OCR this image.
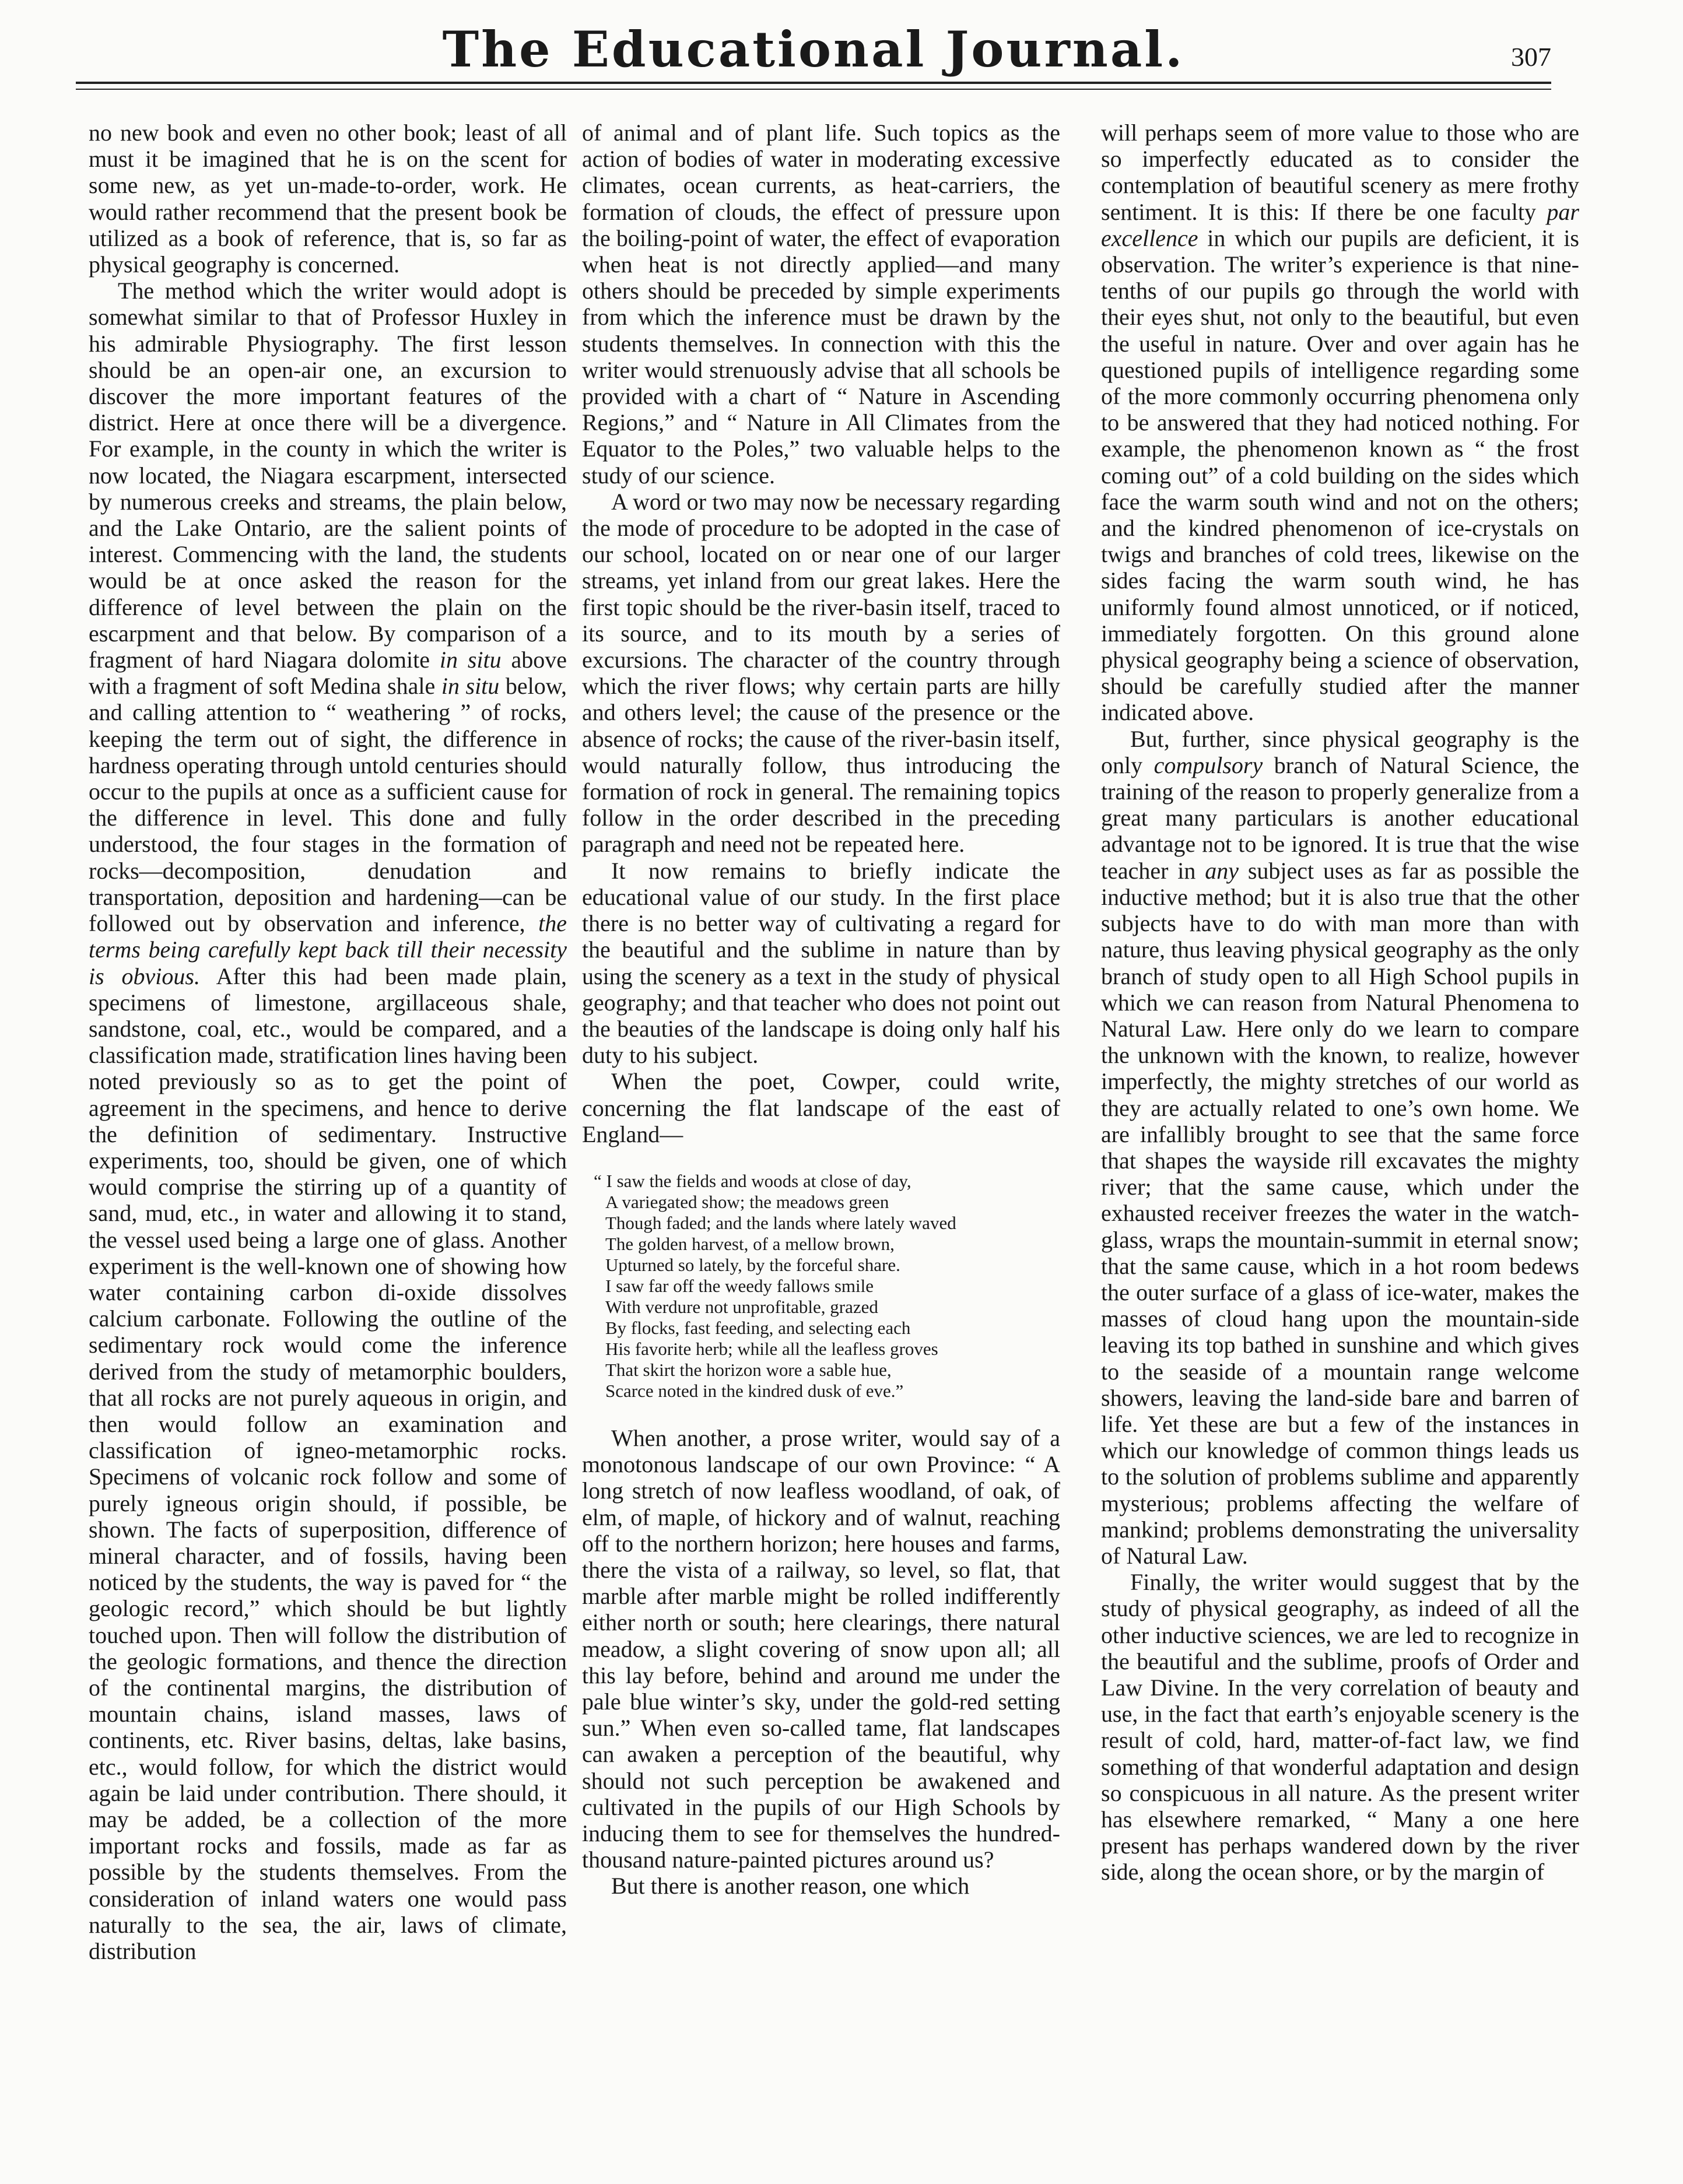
The Educational Journal.	307

no new book and even no other book; least of all must it be imagined that he is on the scent for some new, as yet un-made-to-order, work. He would rather recommend that the present book be utilized as a book of reference, that is, so far as physical geography is concerned.

The method which the writer would adopt is somewhat similar to that of Professor Huxley in his admirable Physiography. The first lesson should be an open-air one, an excursion to discover the more important features of the district. Here at once there will be a divergence. For example, in the county in which the writer is now located, the Niagara escarpment, intersected by numerous creeks and streams, the plain below, and the Lake Ontario, are the salient points of interest. Commencing with the land, the students would be at once asked the reason for the difference of level between the plain on the escarpment and that below. By comparison of a fragment of hard Niagara dolomite in situ above with a fragment of soft Medina shale in situ below, and calling attention to “ weathering ” of rocks, keeping the term out of sight, the difference in hardness operating through untold centuries should occur to the pupils at once as a sufficient cause for the difference in level. This done and fully understood, the four stages in the formation of rocks—decomposition, denudation and transportation, deposition and hardening—can be followed out by observation and inference, the terms being carefully kept back till their necessity is obvious. After this had been made plain, specimens of limestone, argillaceous shale, sandstone, coal, etc., would be compared, and a classification made, stratification lines having been noted previously so as to get the point of agreement in the specimens, and hence to derive the definition of sedimentary. Instructive experiments, too, should be given, one of which would comprise the stirring up of a quantity of sand, mud, etc., in water and allowing it to stand, the vessel used being a large one of glass. Another experiment is the well-known one of showing how water containing carbon di-oxide dissolves calcium carbonate. Following the outline of the sedimentary rock would come the inference derived from the study of metamorphic boulders, that all rocks are not purely aqueous in origin, and then would follow an examination and classification of igneo-metamorphic rocks. Specimens of volcanic rock follow and some of purely igneous origin should, if possible, be shown. The facts of superposition, difference of mineral character, and of fossils, having been noticed by the students, the way is paved for “ the geologic record,” which should be but lightly touched upon. Then will follow the distribution of the geologic formations, and thence the direction of the continental margins, the distribution of mountain chains, island masses, laws of continents, etc. River basins, deltas, lake basins, etc., would follow, for which the district would again be laid under contribution. There should, it may be added, be a collection of the more important rocks and fossils, made as far as possible by the students themselves. From the consideration of inland waters one would pass naturally to the sea, the air, laws of climate, distribution

of animal and of plant life. Such topics as the action of bodies of water in moderating excessive climates, ocean currents, as heat-carriers, the formation of clouds, the effect of pressure upon the boiling-point of water, the effect of evaporation when heat is not directly applied—and many others should be preceded by simple experiments from which the inference must be drawn by the students themselves. In connection with this the writer would strenuously advise that all schools be provided with a chart of “ Nature in Ascending Regions,” and “ Nature in All Climates from the Equator to the Poles,” two valuable helps to the study of our science.

A word or two may now be necessary regarding the mode of procedure to be adopted in the case of our school, located on or near one of our larger streams, yet inland from our great lakes. Here the first topic should be the river-basin itself, traced to its source, and to its mouth by a series of excursions. The character of the country through which the river flows; why certain parts are hilly and others level; the cause of the presence or the absence of rocks; the cause of the river-basin itself, would naturally follow, thus introducing the formation of rock in general. The remaining topics follow in the order described in the preceding paragraph and need not be repeated here.

It now remains to briefly indicate the educational value of our study. In the first place there is no better way of cultivating a regard for the beautiful and the sublime in nature than by using the scenery as a text in the study of physical geography; and that teacher who does not point out the beauties of the landscape is doing only half his duty to his subject.

When the poet, Cowper, could write, concerning the flat landscape of the east of England—

“ I saw the fields and woods at close of day,
A variegated show; the meadows green
Though faded; and the lands where lately waved
The golden harvest, of a mellow brown,
Upturned so lately, by the forceful share.
I saw far off the weedy fallows smile
With verdure not unprofitable, grazed
By flocks, fast feeding, and selecting each
His favorite herb; while all the leafless groves
That skirt the horizon wore a sable hue,
Scarce noted in the kindred dusk of eve.”

When another, a prose writer, would say of a monotonous landscape of our own Province: “ A long stretch of now leafless woodland, of oak, of elm, of maple, of hickory and of walnut, reaching off to the northern horizon; here houses and farms, there the vista of a railway, so level, so flat, that marble after marble might be rolled indifferently either north or south; here clearings, there natural meadow, a slight covering of snow upon all; all this lay before, behind and around me under the pale blue winter’s sky, under the gold-red setting sun.” When even so-called tame, flat landscapes can awaken a perception of the beautiful, why should not such perception be awakened and cultivated in the pupils of our High Schools by inducing them to see for themselves the hundred-thousand nature-painted pictures around us?

But there is another reason, one which

will perhaps seem of more value to those who are so imperfectly educated as to consider the contemplation of beautiful scenery as mere frothy sentiment. It is this: If there be one faculty par excellence in which our pupils are deficient, it is observation. The writer’s experience is that nine-tenths of our pupils go through the world with their eyes shut, not only to the beautiful, but even the useful in nature. Over and over again has he questioned pupils of intelligence regarding some of the more commonly occurring phenomena only to be answered that they had noticed nothing. For example, the phenomenon known as “ the frost coming out” of a cold building on the sides which face the warm south wind and not on the others; and the kindred phenomenon of ice-crystals on twigs and branches of cold trees, likewise on the sides facing the warm south wind, he has uniformly found almost unnoticed, or if noticed, immediately forgotten. On this ground alone physical geography being a science of observation, should be carefully studied after the manner indicated above.

But, further, since physical geography is the only compulsory branch of Natural Science, the training of the reason to properly generalize from a great many particulars is another educational advantage not to be ignored. It is true that the wise teacher in any subject uses as far as possible the inductive method; but it is also true that the other subjects have to do with man more than with nature, thus leaving physical geography as the only branch of study open to all High School pupils in which we can reason from Natural Phenomena to Natural Law. Here only do we learn to compare the unknown with the known, to realize, however imperfectly, the mighty stretches of our world as they are actually related to one’s own home. We are infallibly brought to see that the same force that shapes the wayside rill excavates the mighty river; that the same cause, which under the exhausted receiver freezes the water in the watch-glass, wraps the mountain-summit in eternal snow; that the same cause, which in a hot room bedews the outer surface of a glass of ice-water, makes the masses of cloud hang upon the mountain-side leaving its top bathed in sunshine and which gives to the seaside of a mountain range welcome showers, leaving the land-side bare and barren of life. Yet these are but a few of the instances in which our knowledge of common things leads us to the solution of problems sublime and apparently mysterious; problems affecting the welfare of mankind; problems demonstrating the universality of Natural Law.

Finally, the writer would suggest that by the study of physical geography, as indeed of all the other inductive sciences, we are led to recognize in the beautiful and the sublime, proofs of Order and Law Divine. In the very correlation of beauty and use, in the fact that earth’s enjoyable scenery is the result of cold, hard, matter-of-fact law, we find something of that wonderful adaptation and design so conspicuous in all nature. As the present writer has elsewhere remarked, “ Many a one here present has perhaps wandered down by the river side, along the ocean shore, or by the margin of
